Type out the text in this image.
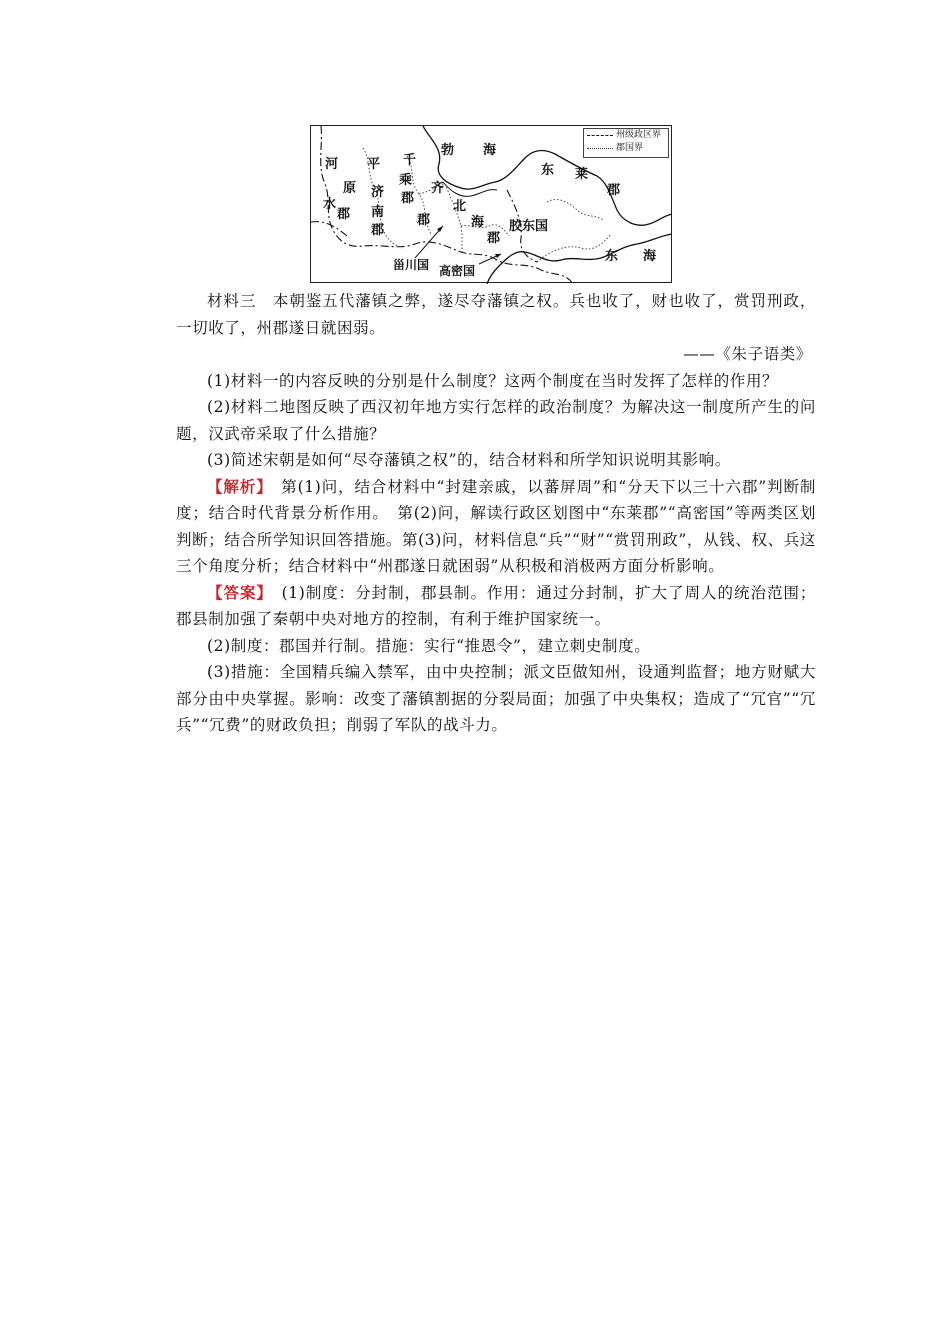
州级政区界
郡国界
勃 海
河
水
郡
平
原
千
乘
郡
济
南
郡
齐
郡
北
海
郡
胶东国
东 莱
郡
东 海
甾川国 高密国

材料三　本朝鉴五代藩镇之弊，遂尽夺藩镇之权。兵也收了，财也收了，赏罚刑政，一切收了，州郡遂日就困弱。

——《朱子语类》

(1)材料一的内容反映的分别是什么制度？这两个制度在当时发挥了怎样的作用？

(2)材料二地图反映了西汉初年地方实行怎样的政治制度？为解决这一制度所产生的问题，汉武帝采取了什么措施？

(3)简述宋朝是如何“尽夺藩镇之权”的，结合材料和所学知识说明其影响。

【解析】　第(1)问，结合材料中“封建亲戚，以蕃屏周”和“分天下以三十六郡”判断制度；结合时代背景分析作用。　第(2)问，解读行政区划图中“东莱郡”“高密国”等两类区划判断；结合所学知识回答措施。第(3)问，材料信息“兵”“财”“赏罚刑政”，从钱、权、兵这三个角度分析；结合材料中“州郡遂日就困弱”从积极和消极两方面分析影响。

【答案】　(1)制度：分封制，郡县制。作用：通过分封制，扩大了周人的统治范围；郡县制加强了秦朝中央对地方的控制，有利于维护国家统一。

(2)制度：郡国并行制。措施：实行“推恩令”，建立刺史制度。

(3)措施：全国精兵编入禁军，由中央控制；派文臣做知州，设通判监督；地方财赋大部分由中央掌握。影响：改变了藩镇割据的分裂局面；加强了中央集权；造成了“冗官”“冗兵”“冗费”的财政负担；削弱了军队的战斗力。
